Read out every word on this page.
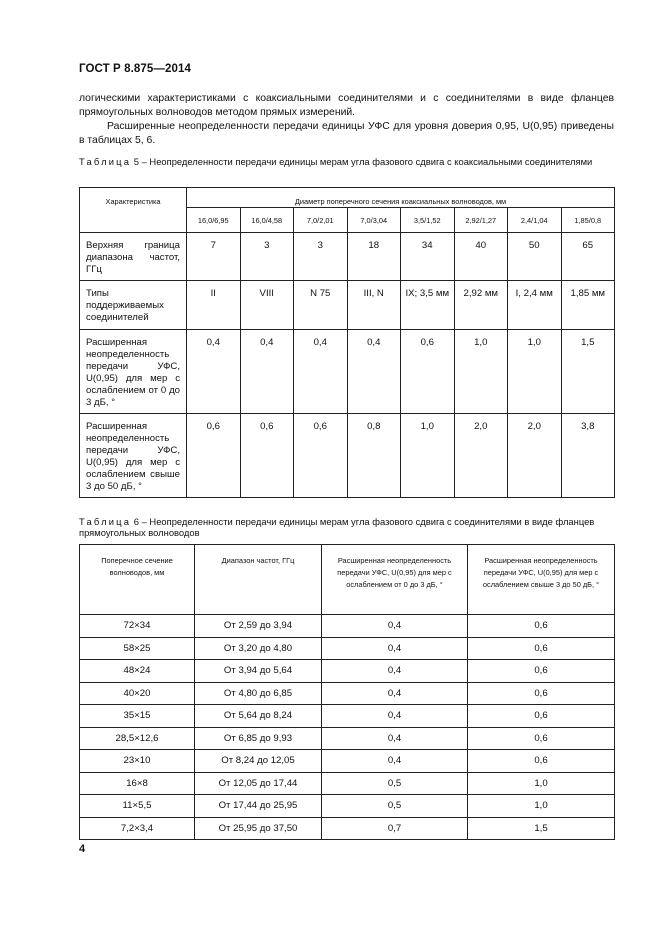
ГОСТ Р 8.875—2014
логическими характеристиками с коаксиальными соединителями и с соединителями в виде фланцев прямоугольных волноводов методом прямых измерений.
Расширенные неопределенности передачи единицы УФС для уровня доверия 0,95, U(0,95) приведены в таблицах 5, 6.
Таблица 5 – Неопределенности передачи единицы мерам угла фазового сдвига с коаксиальными соединителями
Характеристика	Диаметр поперечного сечения коаксиальных волноводов, мм							
	16,0/6,95	16,0/4,58	7,0/2,01	7,0/3,04	3,5/1,52	2,92/1,27	2,4/1,04	1,85/0,8
Верхняя граница диапазона частот, ГГц	7	3	3	18	34	40	50	65
Типы поддерживаемых соединителей	II	VIII	N 75	III, N	IX; 3,5 мм	2,92 мм	I, 2,4 мм	1,85 мм
Расширенная неопределенность передачи УФС, U(0,95) для мер с ослаблением от 0 до 3 дБ, °	0,4	0,4	0,4	0,4	0,6	1,0	1,0	1,5
Расширенная неопределенность передачи УФС, U(0,95) для мер с ослаблением свыше 3 до 50 дБ, °	0,6	0,6	0,6	0,8	1,0	2,0	2,0	3,8
Таблица 6 – Неопределенности передачи единицы мерам угла фазового сдвига с соединителями в виде фланцев прямоугольных волноводов
Поперечное сечение волноводов, мм	Диапазон частот, ГГц	Расширенная неопределенность передачи УФС, U(0,95) для мер с ослаблением от 0 до 3 дБ, °	Расширенная неопределенность передачи УФС, U(0,95) для мер с ослаблением свыше 3 до 50 дБ, °
72×34	От 2,59 до 3,94	0,4	0,6
58×25	От 3,20 до 4,80	0,4	0,6
48×24	От 3,94 до 5,64	0,4	0,6
40×20	От 4,80 до 6,85	0,4	0,6
35×15	От 5,64 до 8,24	0,4	0,6
28,5×12,6	От 6,85 до 9,93	0,4	0,6
23×10	От 8,24 до 12,05	0,4	0,6
16×8	От 12,05 до 17,44	0,5	1,0
11×5,5	От 17,44 до 25,95	0,5	1,0
7,2×3,4	От 25,95 до 37,50	0,7	1,5
4
